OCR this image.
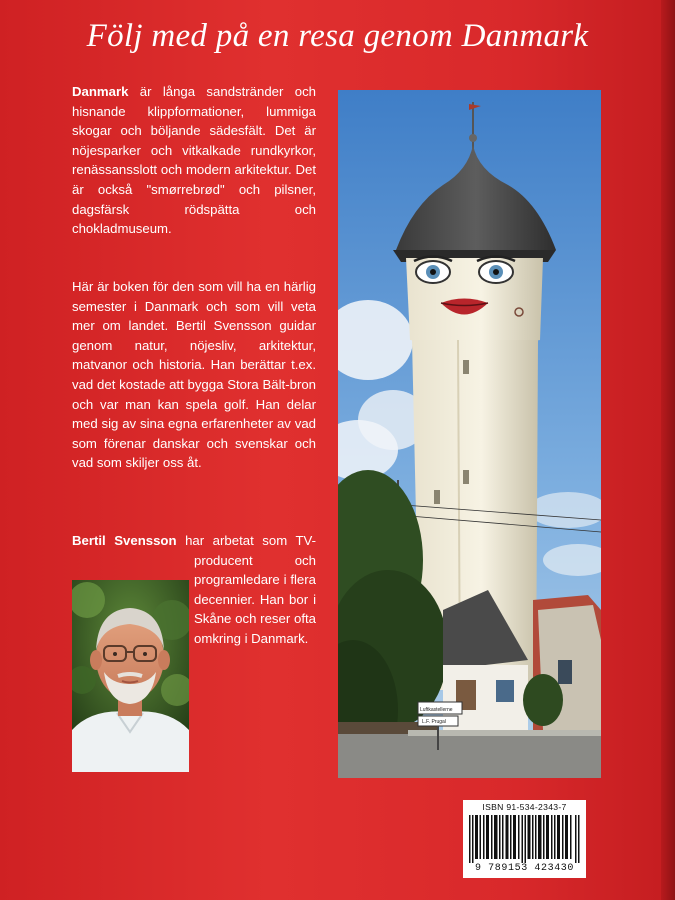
Följ med på en resa genom Danmark

Danmark är långa sandstränder och hisnande klippformationer, lummiga skogar och böljande sädesfält. Det är nöjesparker och vitkalkade rundkyrkor, renässansslott och modern arkitektur. Det är också "smørrebrød" och pilsner, dagsfärsk rödspätta och chokladmuseum.

Här är boken för den som vill ha en härlig semester i Danmark och som vill veta mer om landet. Bertil Svensson guidar genom natur, nöjesliv, arkitektur, matvanor och historia. Han berättar t.ex. vad det kostade att bygga Stora Bält-bron och var man kan spela golf. Han delar med sig av sina egna erfarenheter av vad som förenar danskar och svenskar och vad som skiljer oss åt.

Bertil Svensson har arbetat som TV-

producent och programledare i flera decennier. Han bor i Skåne och reser ofta omkring i Danmark.

Luftkastellerne
L.F. Prugal

ISBN 91-534-2343-7

9 789153 423430
